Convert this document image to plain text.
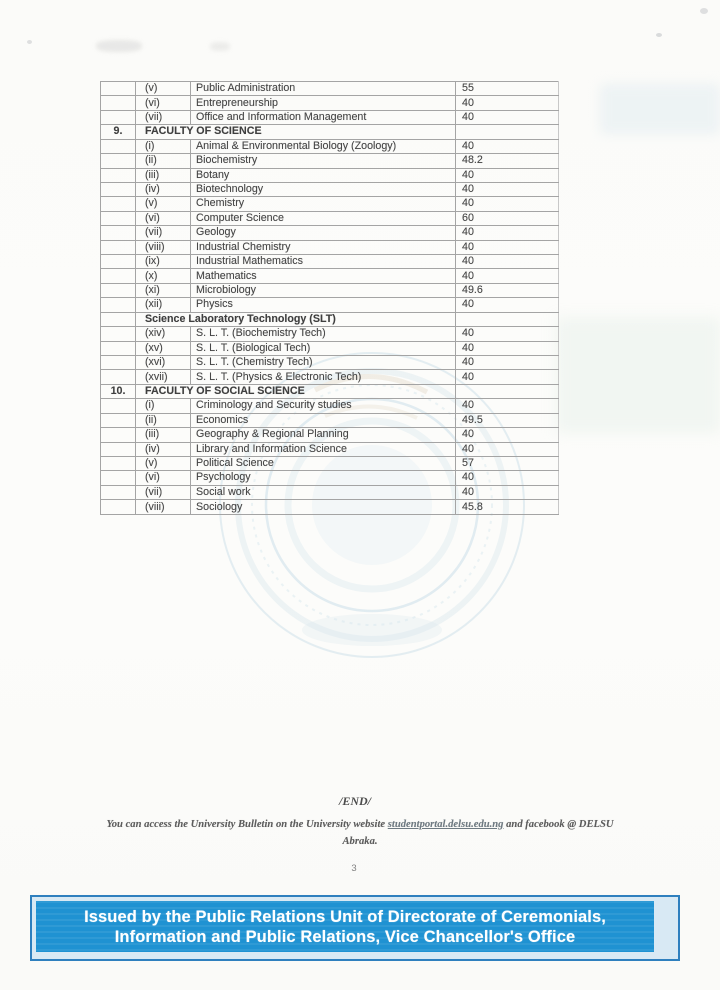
	(v)	Public Administration	55
	(vi)	Entrepreneurship	40
	(vii)	Office and Information Management	40
9.	FACULTY OF SCIENCE		
	(i)	Animal & Environmental Biology (Zoology)	40
	(ii)	Biochemistry	48.2
	(iii)	Botany	40
	(iv)	Biotechnology	40
	(v)	Chemistry	40
	(vi)	Computer Science	60
	(vii)	Geology	40
	(viii)	Industrial Chemistry	40
	(ix)	Industrial Mathematics	40
	(x)	Mathematics	40
	(xi)	Microbiology	49.6
	(xii)	Physics	40
	Science Laboratory Technology (SLT)		
	(xiv)	S. L. T. (Biochemistry Tech)	40
	(xv)	S. L. T. (Biological Tech)	40
	(xvi)	S. L. T. (Chemistry Tech)	40
	(xvii)	S. L. T. (Physics & Electronic Tech)	40
10.	FACULTY OF SOCIAL SCIENCE		
	(i)	Criminology and Security studies	40
	(ii)	Economics	49.5
	(iii)	Geography & Regional Planning	40
	(iv)	Library and Information Science	40
	(v)	Political Science	57
	(vi)	Psychology	40
	(vii)	Social work	40
	(viii)	Sociology	45.8
/END/
You can access the University Bulletin on the University website studentportal.delsu.edu.ng and facebook @ DELSU
Abraka.
3
Issued by the Public Relations Unit of Directorate of Ceremonials,
Information and Public Relations, Vice Chancellor's Office
